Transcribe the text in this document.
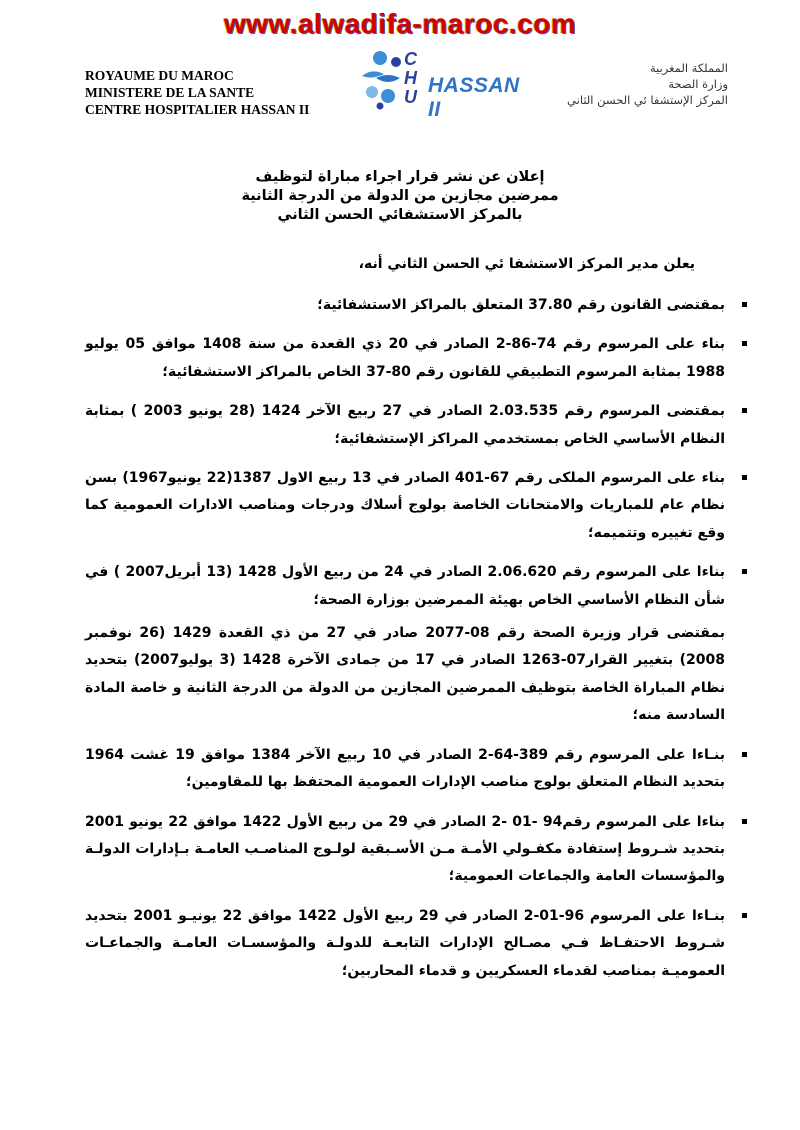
www.alwadifa-maroc.com
ROYAUME DU MAROC
MINISTERE DE LA SANTE
CENTRE HOSPITALIER HASSAN II
C
H
U HASSAN II
المملكة المغربية
وزارة الصحة
المركز الإستشفا ئي الحسن الثاني
إعلان عن نشر قرار اجراء مباراة لتوظيف
ممرضين مجازين من الدولة من الدرجة الثانية
بالمركز الاستشفائي الحسن الثاني
يعلن مدير المركز الاستشفا ئي الحسن الثاني أنه،
بمقتضى القانون رقم 37.80 المتعلق بالمراكز الاستشفائية؛
بناء على المرسوم رقم 74-86-2 الصادر في 20 ذي القعدة من سنة 1408 موافق 05 يوليو 1988 بمثابة المرسوم التطبيقي للقانون رقم 80-37 الخاص بالمراكز الاستشفائية؛
بمقتضى المرسوم رقم 2.03.535 الصادر في 27 ربيع الآخر 1424 (28 يونيو 2003 ) بمثابة النظام الأساسي الخاص بمستخدمي المراكز الإستشفائية؛
بناء على المرسوم الملكى رقم 67-401 الصادر في 13 ربيع الاول 1387(22 يونيو1967) بسن نظام عام للمباريات والامتحانات الخاصة بولوج أسلاك ودرجات ومناصب الادارات العمومية كما وقع تغييره وتتميمه؛
بناءا على المرسوم رقم 2.06.620 الصادر في 24 من ربيع الأول 1428 (13 أبريل2007 ) في شأن النظام الأساسي الخاص بهيئة الممرضين بوزارة الصحة؛
بمقتضى قرار وزيرة الصحة رقم 08-2077 صادر في 27 من ذي القعدة 1429 (26 نوفمبر 2008) بتغيير القرار07-1263 الصادر في 17 من جمادى الآخرة 1428 (3 يوليو2007) بتحديد نظام المباراة الخاصة بتوظيف الممرضين المجازين من الدولة من الدرجة الثانية و خاصة المادة السادسة منه؛
بنـاءا على المرسوم رقم 389-64-2 الصادر في 10 ربيع الآخر 1384 موافق 19 غشت 1964 بتحديد النظام المتعلق بولوج مناصب الإدارات العمومية المحتفظ بها للمقاومين؛
بناءا على المرسوم رقم94 -01 -2 الصادر في 29 من ربيع الأول 1422 موافق 22 يونيو 2001 بتحديد شـروط إستفادة مكفـولي الأمـة مـن الأسـبقية لولـوج المناصـب العامـة بـإدارات الدولـة والمؤسسات العامة والجماعات العمومية؛
بنـاءا على المرسوم 96-01-2 الصادر في 29 ربيع الأول 1422 موافق 22 يونيـو 2001 بتحديد شـروط الاحتفـاظ فـي مصـالح الإدارات التابعـة للدولـة والمؤسسـات العامـة والجماعـات العموميـة بمناصب لقدماء العسكريين و قدماء المحاربين؛
